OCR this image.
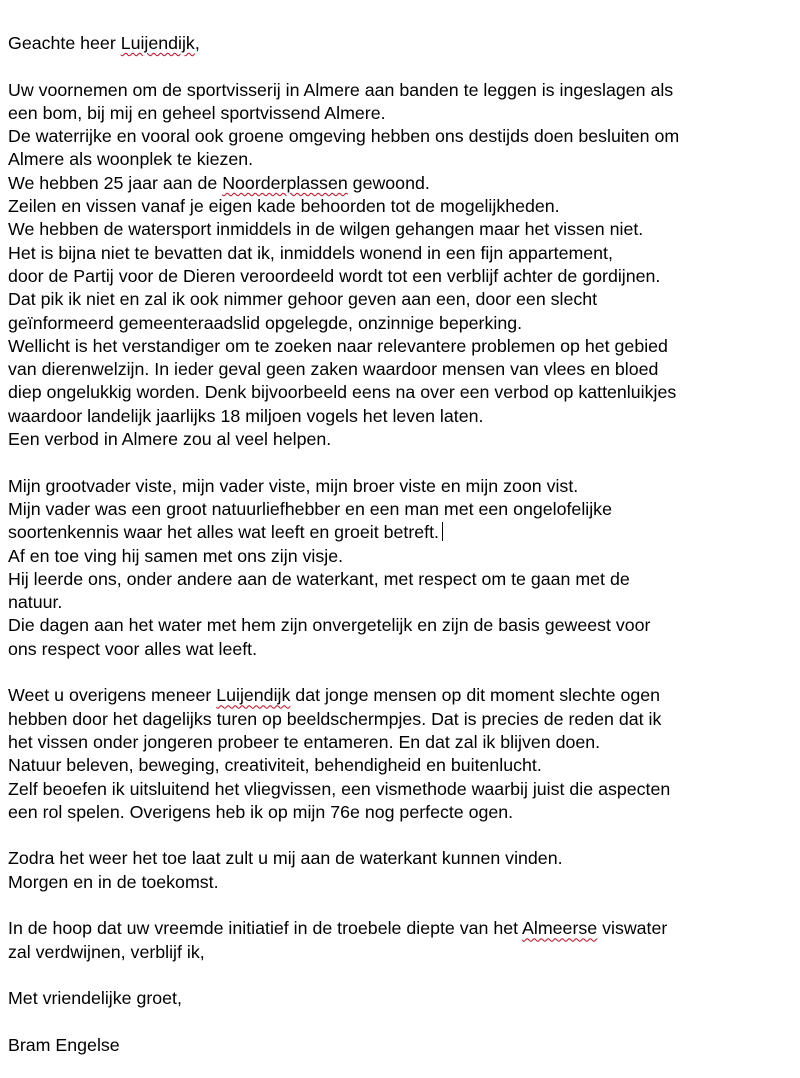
Geachte heer Luijendijk,
Uw voornemen om de sportvisserij in Almere aan banden te leggen is ingeslagen als
een bom, bij mij en geheel sportvissend Almere.
De waterrijke en vooral ook groene omgeving hebben ons destijds doen besluiten om
Almere als woonplek te kiezen.
We hebben 25 jaar aan de Noorderplassen gewoond.
Zeilen en vissen vanaf je eigen kade behoorden tot de mogelijkheden.
We hebben de watersport inmiddels in de wilgen gehangen maar het vissen niet.
Het is bijna niet te bevatten dat ik, inmiddels wonend in een fijn appartement,
door de Partij voor de Dieren veroordeeld wordt tot een verblijf achter de gordijnen.
Dat pik ik niet en zal ik ook nimmer gehoor geven aan een, door een slecht
geïnformeerd gemeenteraadslid opgelegde, onzinnige beperking.
Wellicht is het verstandiger om te zoeken naar relevantere problemen op het gebied
van dierenwelzijn. In ieder geval geen zaken waardoor mensen van vlees en bloed
diep ongelukkig worden. Denk bijvoorbeeld eens na over een verbod op kattenluikjes
waardoor landelijk jaarlijks 18 miljoen vogels het leven laten.
Een verbod in Almere zou al veel helpen.
Mijn grootvader viste, mijn vader viste, mijn broer viste en mijn zoon vist.
Mijn vader was een groot natuurliefhebber en een man met een ongelofelijke
soortenkennis waar het alles wat leeft en groeit betreft.
Af en toe ving hij samen met ons zijn visje.
Hij leerde ons, onder andere aan de waterkant, met respect om te gaan met de
natuur.
Die dagen aan het water met hem zijn onvergetelijk en zijn de basis geweest voor
ons respect voor alles wat leeft.
Weet u overigens meneer Luijendijk dat jonge mensen op dit moment slechte ogen
hebben door het dagelijks turen op beeldschermpjes. Dat is precies de reden dat ik
het vissen onder jongeren probeer te entameren. En dat zal ik blijven doen.
Natuur beleven, beweging, creativiteit, behendigheid en buitenlucht.
Zelf beoefen ik uitsluitend het vliegvissen, een vismethode waarbij juist die aspecten
een rol spelen. Overigens heb ik op mijn 76e nog perfecte ogen.
Zodra het weer het toe laat zult u mij aan de waterkant kunnen vinden.
Morgen en in de toekomst.
In de hoop dat uw vreemde initiatief in de troebele diepte van het Almeerse viswater
zal verdwijnen, verblijf ik,
Met vriendelijke groet,
Bram Engelse
